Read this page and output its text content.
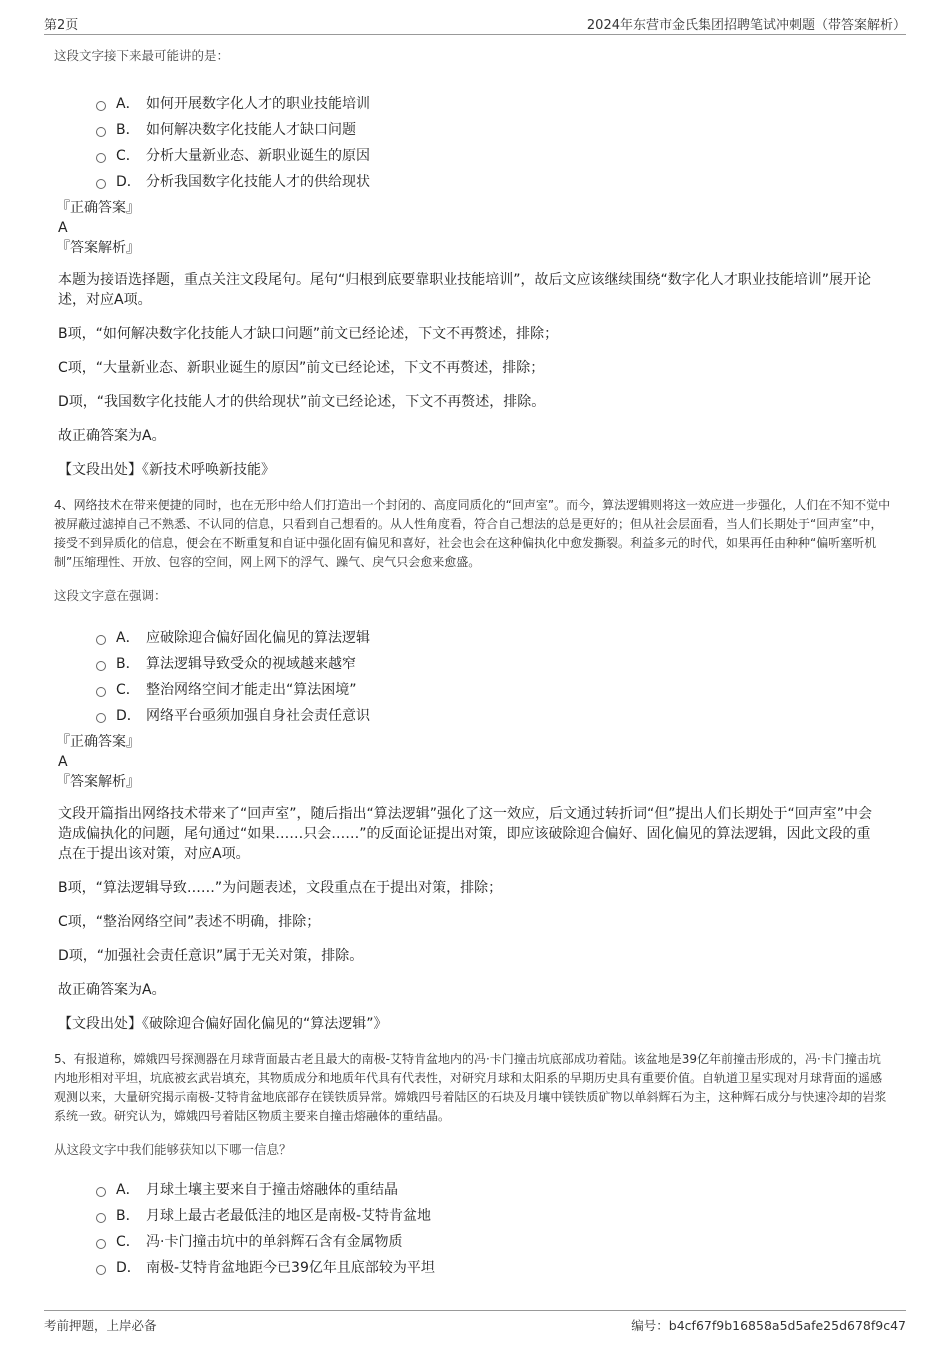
第2页	2024年东营市金氏集团招聘笔试冲刺题（带答案解析）
这段文字接下来最可能讲的是：
A． 如何开展数字化人才的职业技能培训
B． 如何解决数字化技能人才缺口问题
C． 分析大量新业态、新职业诞生的原因
D． 分析我国数字化技能人才的供给现状
『正确答案』
A
『答案解析』

本题为接语选择题，重点关注文段尾句。尾句“归根到底要靠职业技能培训”，故后文应该继续围绕“数字化人才职业技能培训”展开论述，对应A项。

B项，“如何解决数字化技能人才缺口问题”前文已经论述，下文不再赘述，排除；

C项，“大量新业态、新职业诞生的原因”前文已经论述，下文不再赘述，排除；

D项，“我国数字化技能人才的供给现状”前文已经论述，下文不再赘述，排除。

故正确答案为A。

【文段出处】《新技术呼唤新技能》
4、网络技术在带来便捷的同时，也在无形中给人们打造出一个封闭的、高度同质化的“回声室”。而今，算法逻辑则将这一效应进一步强化，人们在不知不觉中被屏蔽过滤掉自己不熟悉、不认同的信息，只看到自己想看的。从人性角度看，符合自己想法的总是更好的；但从社会层面看，当人们长期处于“回声室”中，接受不到异质化的信息，便会在不断重复和自证中强化固有偏见和喜好，社会也会在这种偏执化中愈发撕裂。利益多元的时代，如果再任由种种“偏听塞听机制”压缩理性、开放、包容的空间，网上网下的浮气、躁气、戾气只会愈来愈盛。
这段文字意在强调：
A． 应破除迎合偏好固化偏见的算法逻辑
B． 算法逻辑导致受众的视域越来越窄
C． 整治网络空间才能走出“算法困境”
D． 网络平台亟须加强自身社会责任意识
『正确答案』
A
『答案解析』

文段开篇指出网络技术带来了“回声室”，随后指出“算法逻辑”强化了这一效应，后文通过转折词“但”提出人们长期处于“回声室”中会造成偏执化的问题，尾句通过“如果……只会……”的反面论证提出对策，即应该破除迎合偏好、固化偏见的算法逻辑，因此文段的重点在于提出该对策，对应A项。

B项，“算法逻辑导致……”为问题表述，文段重点在于提出对策，排除；

C项，“整治网络空间”表述不明确，排除；

D项，“加强社会责任意识”属于无关对策，排除。

故正确答案为A。

【文段出处】《破除迎合偏好固化偏见的“算法逻辑”》
5、有报道称，嫦娥四号探测器在月球背面最古老且最大的南极-艾特肯盆地内的冯·卡门撞击坑底部成功着陆。该盆地是39亿年前撞击形成的，冯·卡门撞击坑内地形相对平坦，坑底被玄武岩填充，其物质成分和地质年代具有代表性，对研究月球和太阳系的早期历史具有重要价值。自轨道卫星实现对月球背面的遥感观测以来，大量研究揭示南极-艾特肯盆地底部存在镁铁质异常。嫦娥四号着陆区的石块及月壤中镁铁质矿物以单斜辉石为主，这种辉石成分与快速冷却的岩浆系统一致。研究认为，嫦娥四号着陆区物质主要来自撞击熔融体的重结晶。
从这段文字中我们能够获知以下哪一信息？
A． 月球土壤主要来自于撞击熔融体的重结晶
B． 月球上最古老最低洼的地区是南极-艾特肯盆地
C． 冯·卡门撞击坑中的单斜辉石含有金属物质
D． 南极-艾特肯盆地距今已39亿年且底部较为平坦
考前押题，上岸必备	编号：b4cf67f9b16858a5d5afe25d678f9c47
